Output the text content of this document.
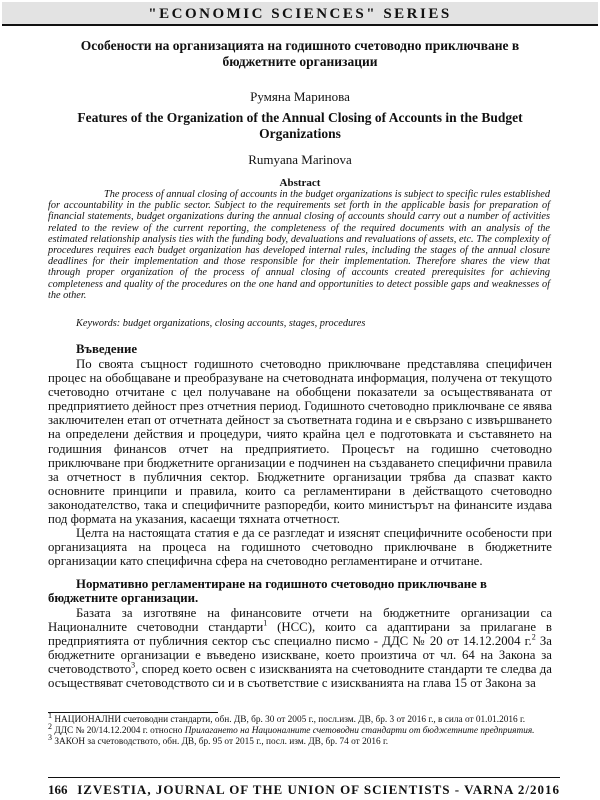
"ECONOMIC SCIENCES" SERIES
Особености на организацията на годишното счетоводно приключване в бюджетните организации
Румяна Маринова
Features of the Organization of the Annual Closing of Accounts in the Budget Organizations
Rumyana Marinova
Abstract

The process of annual closing of accounts in the budget organizations is subject to specific rules established for accountability in the public sector. Subject to the requirements set forth in the applicable basis for preparation of financial statements, budget organizations during the annual closing of accounts should carry out a number of activities related to the review of the current reporting, the completeness of the required documents with an analysis of the estimated relationship analysis ties with the funding body, devaluations and revaluations of assets, etc. The complexity of procedures requires each budget organization has developed internal rules, including the stages of the annual closure deadlines for their implementation and those responsible for their implementation. Therefore shares the view that through proper organization of the process of annual closing of accounts created prerequisites for achieving completeness and quality of the procedures on the one hand and opportunities to detect possible gaps and weaknesses of the other.

Keywords: budget organizations, closing accounts, stages, procedures
Въведение

По своята същност годишното счетоводно приключване представлява специфичен процес на обобщаване и преобразуване на счетоводната информация, получена от текущото счетоводно отчитане с цел получаване на обобщени показатели за осъществяваната от предприятието дейност през отчетния период. Годишното счетоводно приключване се явява заключителен етап от отчетната дейност за съответната година и е свързано с извършването на определени действия и процедури, чиято крайна цел е подготовката и съставянето на годишния финансов отчет на предприятието. Процесът на годишно счетоводно приключване при бюджетните организации е подчинен на създаването специфични правила за отчетност в публичния сектор. Бюджетните организации трябва да спазват както основните принципи и правила, които са регламентирани в действащото счетоводно законодателство, така и специфичните разпоредби, които министърът на финансите издава под формата на указания, касаещи тяхната отчетност.

Целта на настоящата статия е да се разгледат и изяснят специфичните особености при организацията на процеса на годишното счетоводно приключване в бюджетните организации като специфична сфера на счетоводно регламентиране и отчитане.

Нормативно регламентиране на годишното счетоводно приключване в бюджетните организации.

Базата за изготвяне на финансовите отчети на бюджетните организации са Националните счетоводни стандарти$^1$ (НСС), които са адаптирани за прилагане в предприятията от публичния сектор със специално писмо - ДДС № 20 от 14.12.2004 г.$^2$ За бюджетните организации е въведено изискване, което произтича от чл. 64 на Закона за счетоводството$^3$, според което освен с изискванията на счетоводните стандарти те следва да осъществяват счетоводството си и в съответствие с изискванията на глава 15 от Закона за

$^1$ НАЦИОНАЛНИ счетоводни стандарти, обн. ДВ, бр. 30 от 2005 г., посл.изм. ДВ, бр. 3 от 2016 г., в сила от 01.01.2016 г.

$^2$ ДДС № 20/14.12.2004 г. относно Прилагането на Националните счетоводни стандарти от бюджетните предприятия.

$^3$ ЗАКОН за счетоводството, обн. ДВ, бр. 95 от 2015 г., посл. изм. ДВ, бр. 74 от 2016 г.

166 IZVESTIA, JOURNAL OF THE UNION OF SCIENTISTS - VARNA 2/2016
